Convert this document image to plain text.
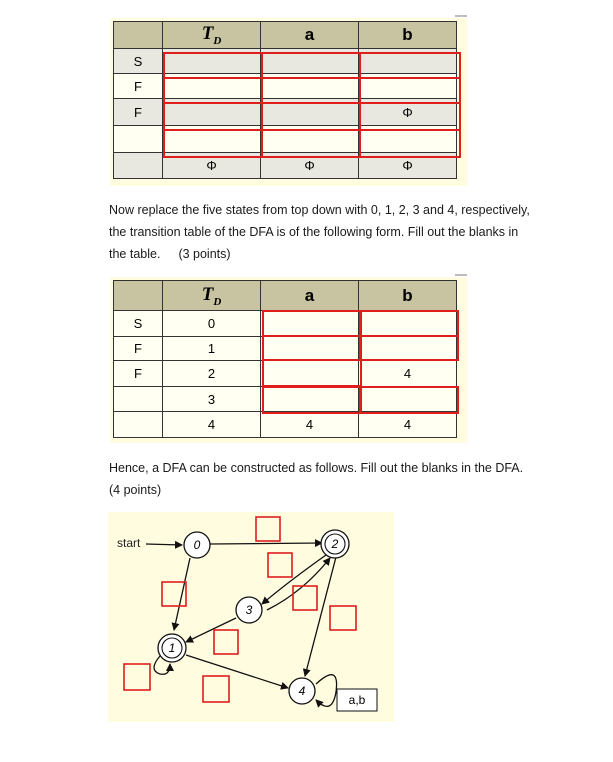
	$T_D$	a	b
S			
F			
F			Φ

	Φ	Φ	Φ
Now replace the five states from top down with 0, 1, 2, 3 and 4, respectively,
the transition table of the DFA is of the following form. Fill out the blanks in
the table. (3 points)
	$T_D$	a	b
S	0		
F	1		
F	2		4
	3		
	4	4	4
Hence, a DFA can be constructed as follows. Fill out the blanks in the DFA.
(4 points)
start	0	2
3
1
4
a,b
